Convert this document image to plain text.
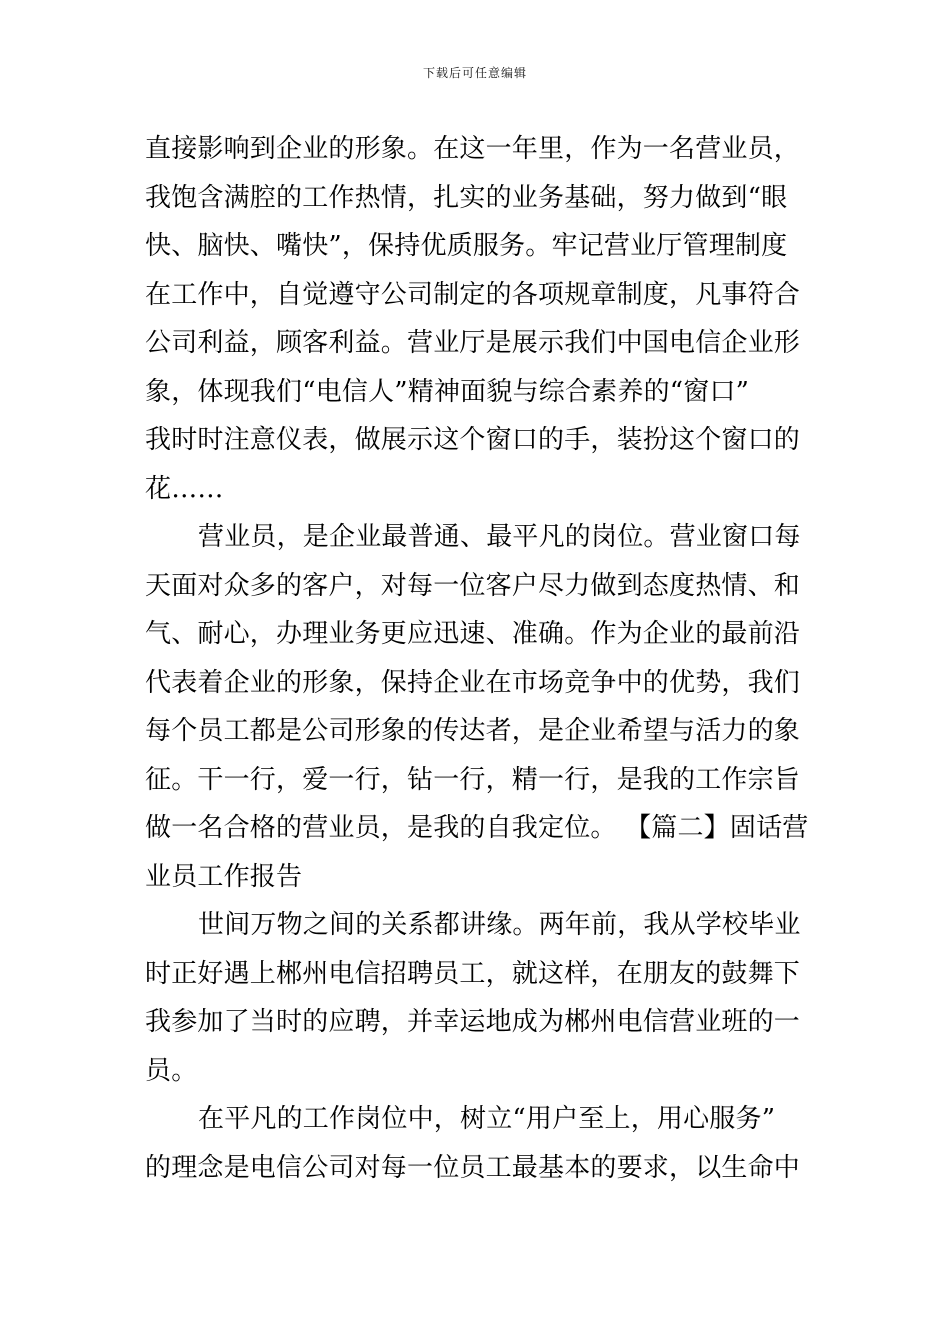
下载后可任意编辑
直接影响到企业的形象。在这一年里，作为一名营业员，
我饱含满腔的工作热情，扎实的业务基础，努力做到“眼
快、脑快、嘴快”，保持优质服务。牢记营业厅管理制度
在工作中，自觉遵守公司制定的各项规章制度，凡事符合
公司利益，顾客利益。营业厅是展示我们中国电信企业形
象，体现我们“电信人”精神面貌与综合素养的“窗口”
我时时注意仪表，做展示这个窗口的手，装扮这个窗口的
花……
营业员，是企业最普通、最平凡的岗位。营业窗口每
天面对众多的客户，对每一位客户尽力做到态度热情、和
气、耐心，办理业务更应迅速、准确。作为企业的最前沿
代表着企业的形象，保持企业在市场竞争中的优势，我们
每个员工都是公司形象的传达者，是企业希望与活力的象
征。干一行，爱一行，钻一行，精一行，是我的工作宗旨
做一名合格的营业员，是我的自我定位。 【篇二】固话营
业员工作报告
世间万物之间的关系都讲缘。两年前，我从学校毕业
时正好遇上郴州电信招聘员工，就这样，在朋友的鼓舞下
我参加了当时的应聘，并幸运地成为郴州电信营业班的一
员。
在平凡的工作岗位中，树立“用户至上，用心服务”
的理念是电信公司对每一位员工最基本的要求，以生命中
